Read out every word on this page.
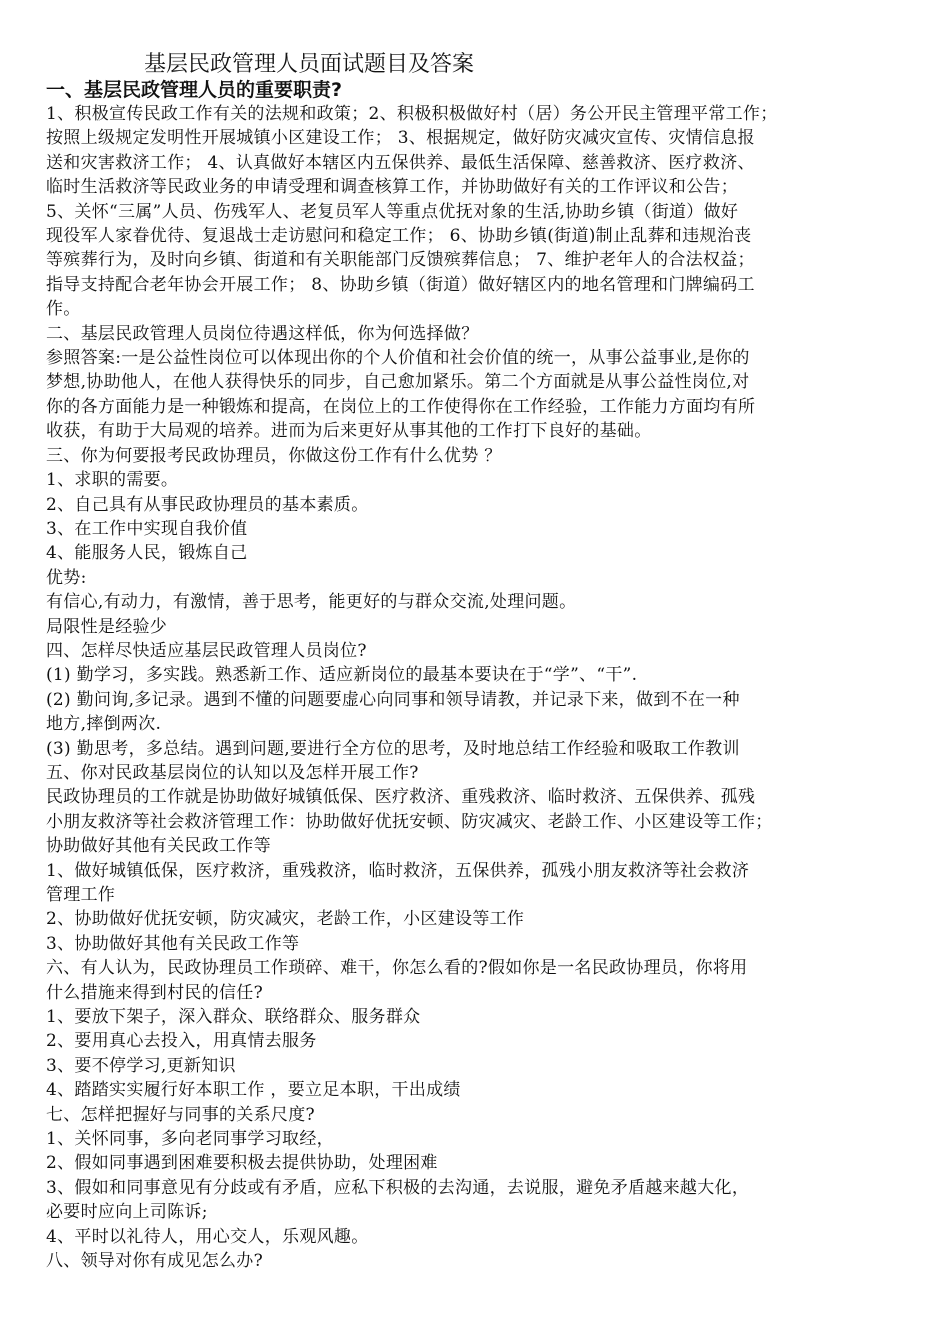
基层民政管理人员面试题目及答案
一、基层民政管理人员的重要职责?

1、积极宣传民政工作有关的法规和政策；2、积极积极做好村（居）务公开民主管理平常工作；

按照上级规定发明性开展城镇小区建设工作； 3、根据规定，做好防灾减灾宣传、灾情信息报

送和灾害救济工作； 4、认真做好本辖区内五保供养、最低生活保障、慈善救济、医疗救济、

临时生活救济等民政业务的申请受理和调查核算工作，并协助做好有关的工作评议和公告；

5、关怀“三属”人员、伤残军人、老复员军人等重点优抚对象的生活,协助乡镇（街道）做好

现役军人家眷优待、复退战士走访慰问和稳定工作； 6、协助乡镇(街道)制止乱葬和违规治丧

等殡葬行为，及时向乡镇、街道和有关职能部门反馈殡葬信息； 7、维护老年人的合法权益；

指导支持配合老年协会开展工作； 8、协助乡镇（街道）做好辖区内的地名管理和门牌编码工

作。

二、基层民政管理人员岗位待遇这样低，你为何选择做？

参照答案:一是公益性岗位可以体现出你的个人价值和社会价值的统一，从事公益事业,是你的

梦想,协助他人，在他人获得快乐的同步，自己愈加紧乐。第二个方面就是从事公益性岗位,对

你的各方面能力是一种锻炼和提高，在岗位上的工作使得你在工作经验，工作能力方面均有所

收获，有助于大局观的培养。进而为后来更好从事其他的工作打下良好的基础。

三、你为何要报考民政协理员，你做这份工作有什么优势 ？

1、求职的需要。

2、自己具有从事民政协理员的基本素质。

3、在工作中实现自我价值

4、能服务人民，锻炼自己

优势:

有信心,有动力，有激情，善于思考，能更好的与群众交流,处理问题。

局限性是经验少

四、怎样尽快适应基层民政管理人员岗位?

(1) 勤学习，多实践。熟悉新工作、适应新岗位的最基本要诀在于“学”、“干”.

(2) 勤问询,多记录。遇到不懂的问题要虚心向同事和领导请教，并记录下来，做到不在一种

地方,摔倒两次.

(3) 勤思考，多总结。遇到问题,要进行全方位的思考，及时地总结工作经验和吸取工作教训

五、你对民政基层岗位的认知以及怎样开展工作?

民政协理员的工作就是协助做好城镇低保、医疗救济、重残救济、临时救济、五保供养、孤残

小朋友救济等社会救济管理工作：协助做好优抚安顿、防灾减灾、老龄工作、小区建设等工作；

协助做好其他有关民政工作等

1、做好城镇低保，医疗救济，重残救济，临时救济，五保供养，孤残小朋友救济等社会救济

管理工作

2、协助做好优抚安顿，防灾减灾，老龄工作，小区建设等工作

3、协助做好其他有关民政工作等

六、有人认为，民政协理员工作琐碎、难干，你怎么看的?假如你是一名民政协理员，你将用

什么措施来得到村民的信任?

1、要放下架子，深入群众、联络群众、服务群众

2、要用真心去投入，用真情去服务

3、要不停学习,更新知识

4、踏踏实实履行好本职工作 ，要立足本职，干出成绩

七、怎样把握好与同事的关系尺度?

1、关怀同事，多向老同事学习取经，

2、假如同事遇到困难要积极去提供协助，处理困难

3、假如和同事意见有分歧或有矛盾，应私下积极的去沟通，去说服，避免矛盾越来越大化，

必要时应向上司陈诉;

4、平时以礼待人，用心交人，乐观风趣。

八、领导对你有成见怎么办?
